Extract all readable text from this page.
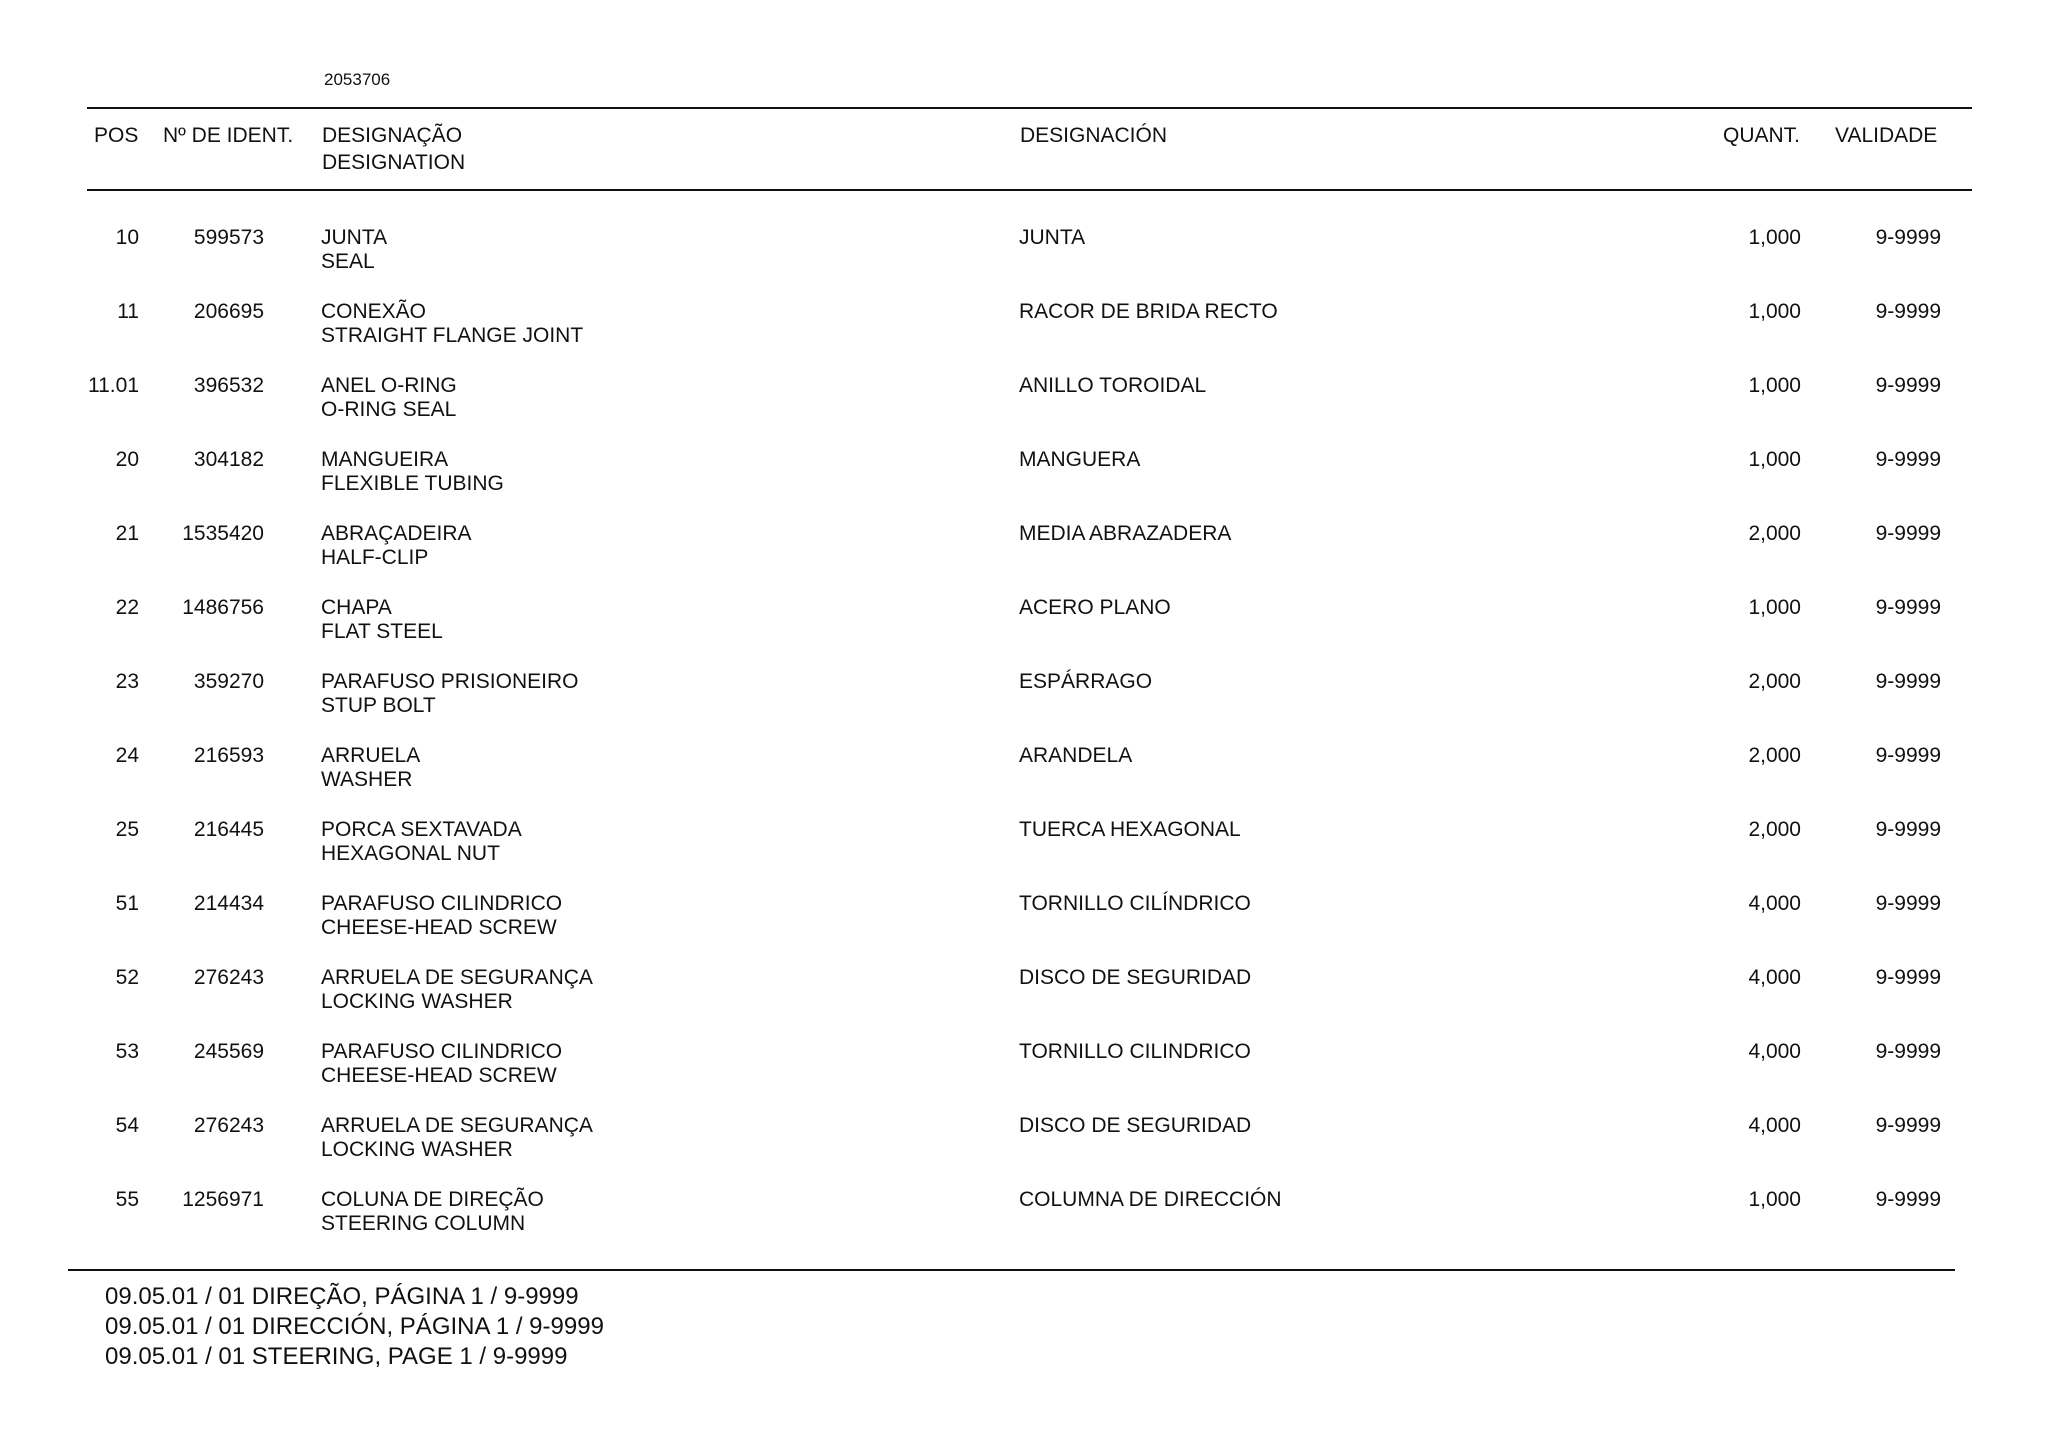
2053706
POS Nº DE IDENT. DESIGNAÇÃO
DESIGNATION
DESIGNACIÓN	QUANT. VALIDADE
10	599573	JUNTA
SEAL
JUNTA	1,000	9-9999
11	206695	CONEXÃO
STRAIGHT FLANGE JOINT
RACOR DE BRIDA RECTO	1,000	9-9999
11.01	396532	ANEL O-RING
O-RING SEAL
ANILLO TOROIDAL	1,000	9-9999
20	304182	MANGUEIRA
FLEXIBLE TUBING
MANGUERA	1,000	9-9999
21	1535420	ABRAÇADEIRA
HALF-CLIP
MEDIA ABRAZADERA	2,000	9-9999
22	1486756	CHAPA
FLAT STEEL
ACERO PLANO	1,000	9-9999
23	359270	PARAFUSO PRISIONEIRO
STUP BOLT
ESPÁRRAGO	2,000	9-9999
24	216593	ARRUELA
WASHER
ARANDELA	2,000	9-9999
25	216445	PORCA SEXTAVADA
HEXAGONAL NUT
TUERCA HEXAGONAL	2,000	9-9999
51	214434	PARAFUSO CILINDRICO
CHEESE-HEAD SCREW
TORNILLO CILÍNDRICO	4,000	9-9999
52	276243	ARRUELA DE SEGURANÇA
LOCKING WASHER
DISCO DE SEGURIDAD	4,000	9-9999
53	245569	PARAFUSO CILINDRICO
CHEESE-HEAD SCREW
TORNILLO CILINDRICO	4,000	9-9999
54	276243	ARRUELA DE SEGURANÇA
LOCKING WASHER
DISCO DE SEGURIDAD	4,000	9-9999
55	1256971	COLUNA DE DIREÇÃO
STEERING COLUMN
COLUMNA DE DIRECCIÓN	1,000	9-9999
09.05.01 / 01 DIREÇÃO, PÁGINA 1 / 9-9999
09.05.01 / 01 DIRECCIÓN, PÁGINA 1 / 9-9999
09.05.01 / 01 STEERING, PAGE 1 / 9-9999
